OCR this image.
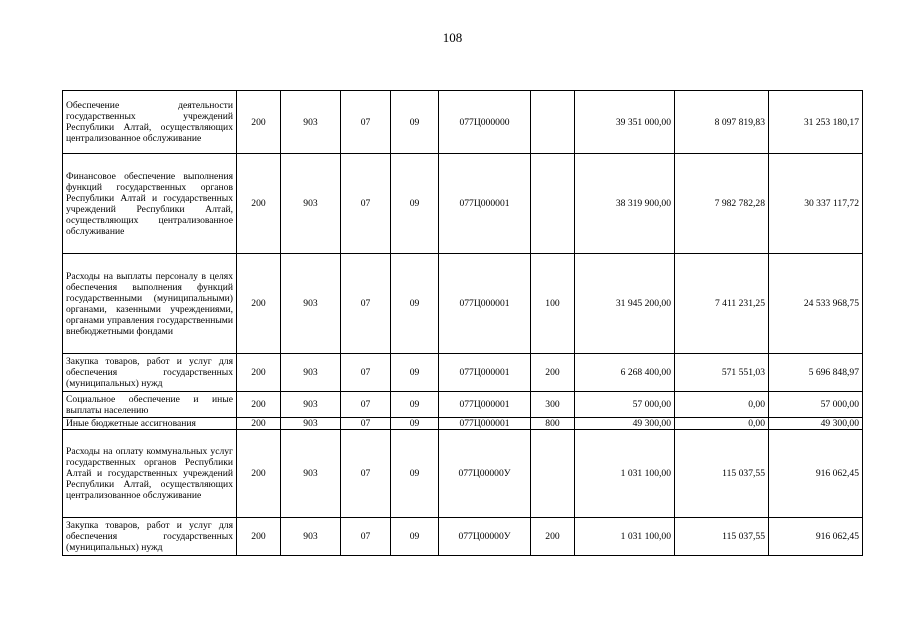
108
Обеспечение деятельности государственных учреждений Республики Алтай, осуществляющих централизованное обслуживание	200	903	07	09	077Ц000000		39 351 000,00	8 097 819,83	31 253 180,17
Финансовое обеспечение выполнения функций государственных органов Республики Алтай и государственных учреждений Республики Алтай, осуществляющих централизованное обслуживание	200	903	07	09	077Ц000001		38 319 900,00	7 982 782,28	30 337 117,72
Расходы на выплаты персоналу в целях обеспечения выполнения функций государственными (муниципальными) органами, казенными учреждениями, органами управления государственными внебюджетными фондами	200	903	07	09	077Ц000001	100	31 945 200,00	7 411 231,25	24 533 968,75
Закупка товаров, работ и услуг для обеспечения государственных (муниципальных) нужд	200	903	07	09	077Ц000001	200	6 268 400,00	571 551,03	5 696 848,97
Социальное обеспечение и иные выплаты населению	200	903	07	09	077Ц000001	300	57 000,00	0,00	57 000,00
Иные бюджетные ассигнования	200	903	07	09	077Ц000001	800	49 300,00	0,00	49 300,00
Расходы на оплату коммунальных услуг государственных органов Республики Алтай и государственных учреждений Республики Алтай, осуществляющих централизованное обслуживание	200	903	07	09	077Ц00000У		1 031 100,00	115 037,55	916 062,45
Закупка товаров, работ и услуг для обеспечения государственных (муниципальных) нужд	200	903	07	09	077Ц00000У	200	1 031 100,00	115 037,55	916 062,45
